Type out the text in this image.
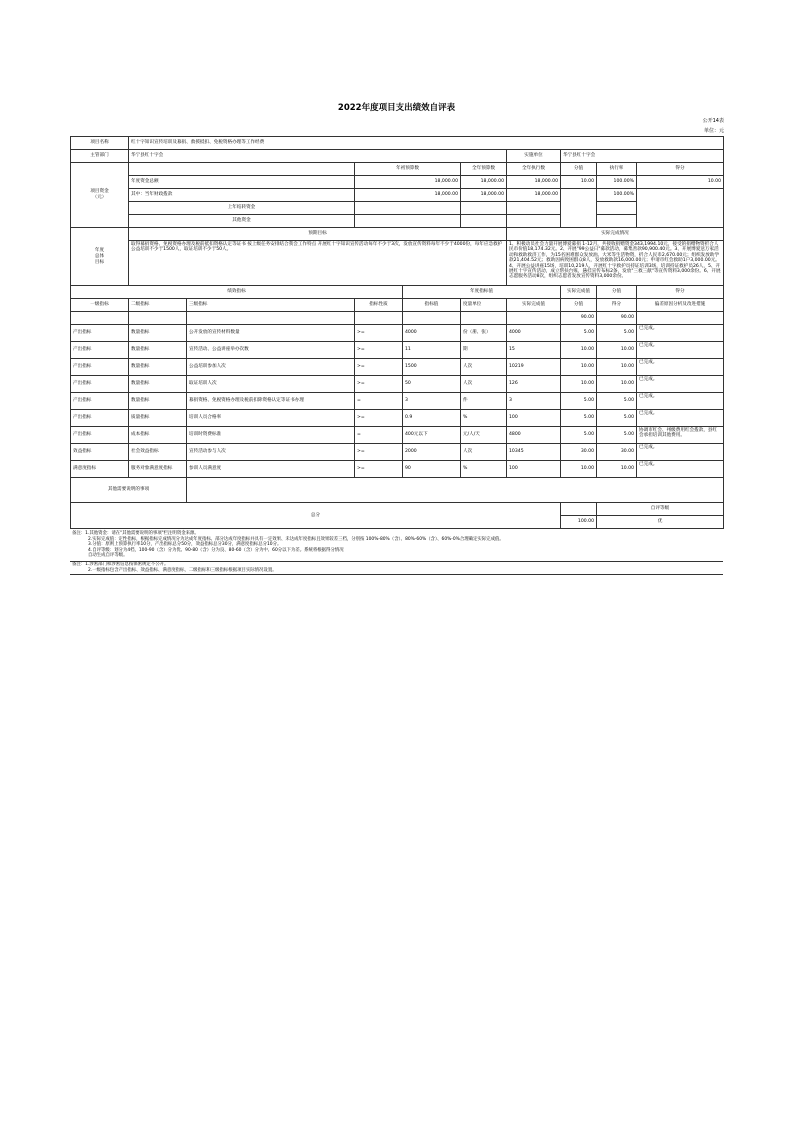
2022年度项目支出绩效自评表
公开14表
单位：元
项目名称	红十字知识宣传培训及募捐、救援抵扣、免税资格办理等工作经费							
主管部门	华宁县红十字会				实施单位	华宁县红十字会		
项目资金
（元）		年初预算数		全年预算数	全年执行数	分值	执行率	得分
	年度资金总额	18,000.00		18,000.00	18,000.00	10.00	100.00%	10.00
	其中：当年财政拨款	18,000.00		18,000.00	18,000.00		100.00%	
	上年结转资金							
	其他资金							
年度
总体
目标	预期目标				实际完成情况			
	取得募捐资格、免税资格办理及税前抵扣资格认定等证书 按上级任务安排结合我会工作特点 开展红十字知识宣传活动每年不少于3次，发放宣传资料每年不少于4000份，每年应急救护公益培训不少于1500人，取证培训不少于50人。				1、积极动员社会力量开展博爱募捐 1-12月，共接收捐赠资金343,1994.10元，接受的捐赠物资折合人民币价值18,174.32元。2、开展"99公益日"募款活动，募集善款90,900.40元。3、开展博爱送万家活动和救助救济工作，为15名困难群众发放油、大米等生活物资，折合人民币2,670.00元；组织发放助学款21,404.52元；救助因病致困群众8人，发放救助款16,000.00元；申请市红会救助1户3,000.00元。4、开展公益讲座15场，培训10,219人，开展红十字救护员持证培训3场，培训持证救护员26人，5、开展红十字宣传活动，成立帮扶台账，悬挂宣传布标2条，发放"三救三献"等宣传资料3,000余份。6、开展志愿服务活动8次，组织志愿者发放宣传资料3,000余份。			
绩效指标			年度指标值			实际完成值	分值	得分
一级指标	二级指标	三级指标	指标性质	指标值	度量单位	实际完成值	分值	得分	偏差原因分析及改进措施
							90.00	90.00	
产出指标	数量指标	公开发放的宣传材料数量	>=	4000	份（册、张）	4000	5.00	5.00	已完成。
产出指标	数量指标	宣传活动、公益讲座举办次数	>=	11	期	15	10.00	10.00	已完成。
产出指标	数量指标	公益培训参加人次	>=	1500	人次	10219	10.00	10.00	已完成。
产出指标	数量指标	取证培训人次	>=	50	人次	126	10.00	10.00	已完成。
产出指标	数量指标	募捐资格、免税资格办理及税前扣除资格认定等证书办理	=	3	件	3	5.00	5.00	已完成。
产出指标	质量指标	培训人员合格率	>=	0.9	%	100	5.00	5.00	已完成。
产出指标	成本指标	培训时资费标准	=	400元以下	元/人/天	4800	5.00	5.00	协调市红会、州级费用红会拨款，县红会承担培训其他费用。
效益指标	社会效益指标	宣传活动参与人次	>=	2000	人次	10345	30.00	30.00	已完成。
满意度指标	服务对象满意度指标	参训人员满意度	>=	90	%	100	10.00	10.00	已完成。
其他需要说明的事项									
总分								自评等级	
							100.00	优	
备注：1.其他资金：请在"其他需要说明的事项"栏注明资金来源。
2.实际完成值：定性指标，根据指标完成情况分为达成年度指标、部分达成年度指标并具有一定效果、未达成年度指标且效果较差三档，分别按 100%-80%（含）、80%-60%（含）、60%-0%合理确定实际完成值。
3.分值：原则上预算执行率10分，产出指标总分50分，效益指标总分30分，满意度指标总分10分。
4.自评等级：划分为4档，100-90（含）分为优、90-80（含）分为良、80-60（含）分为中、60分以下为差。系统将根据得分情况
自动生成自评等级。
备注：1.涉密部门和涉密信息按保密规定不公开。
2.一级指标包含产出指标、效益指标、满意度指标，二级指标和三级指标根据项目实际情况设置。
